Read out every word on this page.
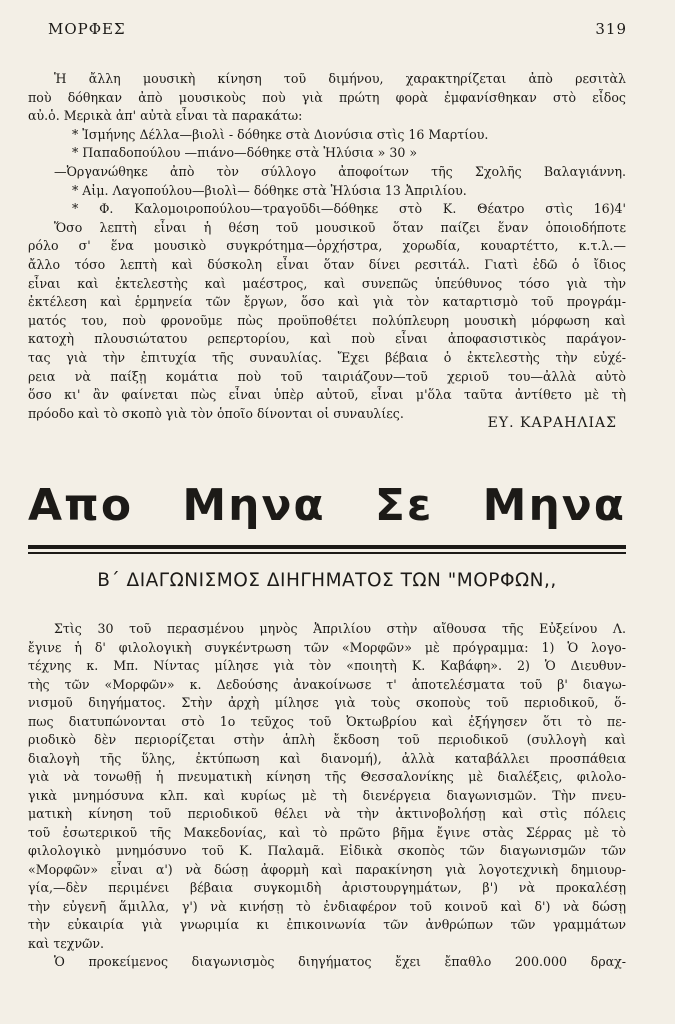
ΜΟΡΦΕΣ	319
Ἡ ἄλλη μουσικὴ κίνηση τοῦ διμήνου, χαρακτηρίζεται ἀπὸ ρεσιτὰλ
ποὺ δόθηκαν ἀπὸ μουσικοὺς ποὺ γιὰ πρώτη φορὰ ἐμφανίσθηκαν στὸ εἶδος
αὐ.ὁ. Μερικὰ ἀπ' αὐτὰ εἶναι τὰ παρακάτω:
* Ἰσμήνης Δέλλα—βιολὶ - δόθηκε στὰ Διονύσια στὶς 16 Μαρτίου.
* Παπαδοπούλου —πιάνο—δόθηκε στὰ Ἠλύσια » 30 »
—Ὀργανώθηκε ἀπὸ τὸν σύλλογο ἀποφοίτων τῆς Σχολῆς Βαλαγιάννη.
* Αἰμ. Λαγοπούλου—βιολὶ— δόθηκε στὰ Ἠλύσια 13 Ἀπριλίου.
* Φ. Καλομοιροπούλου—τραγοῦδι—δόθηκε στὸ Κ. Θέατρο στὶς 16)4'
Ὅσο λεπτὴ εἶναι ἡ θέση τοῦ μουσικοῦ ὅταν παίζει ἕναν ὁποιοδήποτε
ρόλο σ' ἕνα μουσικὸ συγκρότημα—ὀρχήστρα, χορωδία, κουαρτέττο, κ.τ.λ.—
ἄλλο τόσο λεπτὴ καὶ δύσκολη εἶναι ὅταν δίνει ρεσιτάλ. Γιατὶ ἐδῶ ὁ ἴδιος
εἶναι καὶ ἐκτελεστὴς καὶ μαέστρος, καὶ συνεπῶς ὑπεύθυνος τόσο γιὰ τὴν
ἐκτέλεση καὶ ἑρμηνεία τῶν ἔργων, ὅσο καὶ γιὰ τὸν καταρτισμὸ τοῦ προγράμ-
ματός του, ποὺ φρονοῦμε πὼς προϋποθέτει πολύπλευρη μουσικὴ μόρφωση καὶ
κατοχὴ πλουσιώτατου ρεπερτορίου, καὶ ποὺ εἶναι ἀποφασιστικὸς παράγον-
τας γιὰ τὴν ἐπιτυχία τῆς συναυλίας. Ἔχει βέβαια ὁ ἐκτελεστὴς τὴν εὐχέ-
ρεια νὰ παίξῃ κομάτια ποὺ τοῦ ταιριάζουν—τοῦ χεριοῦ του—ἀλλὰ αὐτὸ
ὅσο κι' ἂν φαίνεται πὼς εἶναι ὑπὲρ αὐτοῦ, εἶναι μ'ὅλα ταῦτα ἀντίθετο μὲ τὴ
πρόοδο καὶ τὸ σκοπὸ γιὰ τὸν ὁποῖο δίνονται οἱ συναυλίες.
ΕΥ. ΚΑΡΑΗΛΙΑΣ
Απο Μηνα Σε Μηνα
Β΄ ΔΙΑΓΩΝΙΣΜΟΣ ΔΙΗΓΗΜΑΤΟΣ ΤΩΝ "ΜΟΡΦΩΝ,,
Στὶς 30 τοῦ περασμένου μηνὸς Ἀπριλίου στὴν αἴθουσα τῆς Εὐξείνου Λ.
ἔγινε ἡ δ' φιλολογικὴ συγκέντρωση τῶν «Μορφῶν» μὲ πρόγραμμα: 1) Ὁ λογο-
τέχνης κ. Μπ. Νίντας μίλησε γιὰ τὸν «ποιητὴ Κ. Καβάφη». 2) Ὁ Διευθυν-
τὴς τῶν «Μορφῶν» κ. Δεδούσης ἀνακοίνωσε τ' ἀποτελέσματα τοῦ β' διαγω-
νισμοῦ διηγήματος. Στὴν ἀρχὴ μίλησε γιὰ τοὺς σκοποὺς τοῦ περιοδικοῦ, ὅ-
πως διατυπώνονται στὸ 1ο τεῦχος τοῦ Ὀκτωβρίου καὶ ἐξήγησεν ὅτι τὸ πε-
ριοδικὸ δὲν περιορίζεται στὴν ἁπλὴ ἔκδοση τοῦ περιοδικοῦ (συλλογὴ καὶ
διαλογὴ τῆς ὕλης, ἐκτύπωση καὶ διανομή), ἀλλὰ καταβάλλει προσπάθεια
γιὰ νὰ τονωθῇ ἡ πνευματικὴ κίνηση τῆς Θεσσαλονίκης μὲ διαλέξεις, φιλολο-
γικὰ μνημόσυνα κλπ. καὶ κυρίως μὲ τὴ διενέργεια διαγωνισμῶν. Τὴν πνευ-
ματικὴ κίνηση τοῦ περιοδικοῦ θέλει νὰ τὴν ἀκτινοβολήσῃ καὶ στὶς πόλεις
τοῦ ἐσωτερικοῦ τῆς Μακεδονίας, καὶ τὸ πρῶτο βῆμα ἔγινε στὰς Σέρρας μὲ τὸ
φιλολογικὸ μνημόσυνο τοῦ Κ. Παλαμᾶ. Εἰδικὰ σκοπὸς τῶν διαγωνισμῶν τῶν
«Μορφῶν» εἶναι α') νὰ δώσῃ ἀφορμὴ καὶ παρακίνηση γιὰ λογοτεχνικὴ δημιουρ-
γία,—δὲν περιμένει βέβαια συγκομιδὴ ἀριστουργημάτων, β') νὰ προκαλέσῃ
τὴν εὐγενῆ ἅμιλλα, γ') νὰ κινήσῃ τὸ ἐνδιαφέρον τοῦ κοινοῦ καὶ δ') νὰ δώσῃ
τὴν εὐκαιρία γιὰ γνωριμία κι ἐπικοινωνία τῶν ἀνθρώπων τῶν γραμμάτων
καὶ τεχνῶν.
Ὁ προκείμενος διαγωνισμὸς διηγήματος ἔχει ἔπαθλο 200.000 δραχ-
